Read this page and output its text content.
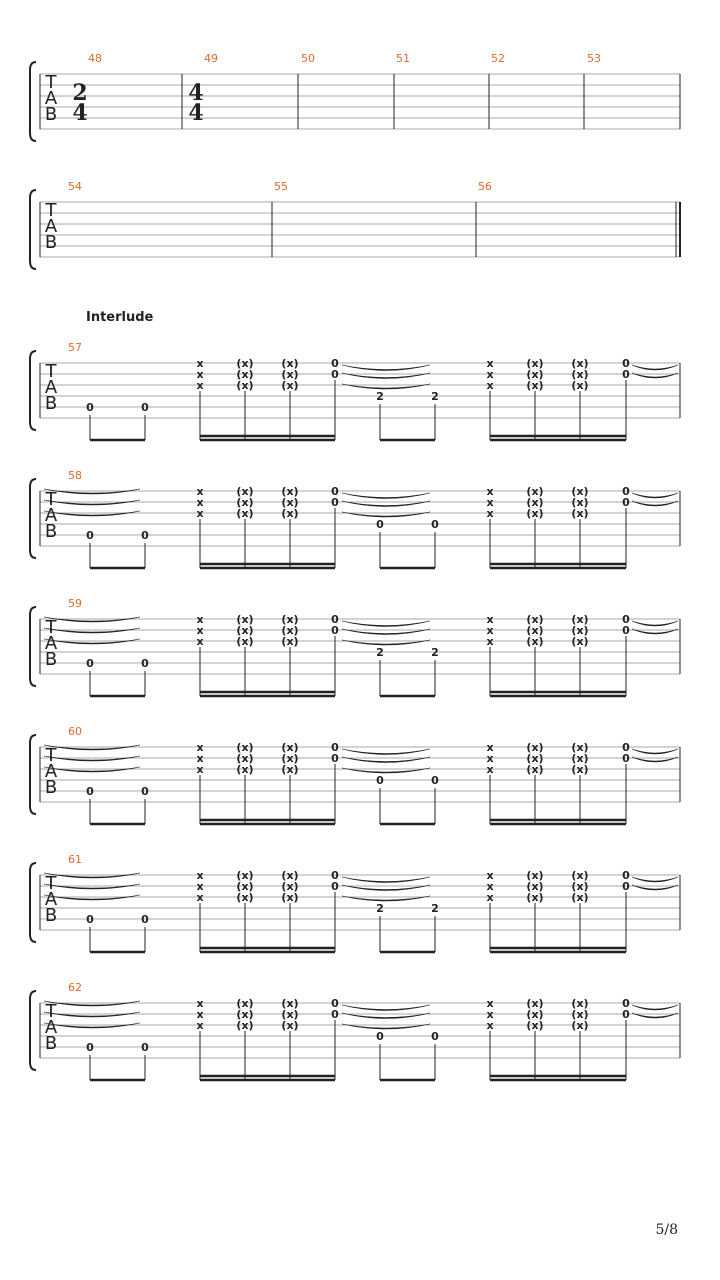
T
A
B
48
2
4
49
4
4
50	51	52	53
T
A
B
54	55	56
T
A
B
57
0	0
x
x
x
(x)
(x)
(x)
(x)
(x)
(x)
0
0
x
x
x
(x)
(x)
(x)
(x)
(x)
(x)
0
0
2	2
T
A
B
58
0	0
x
x
x
(x)
(x)
(x)
(x)
(x)
(x)
0
0
x
x
x
(x)
(x)
(x)
(x)
(x)
(x)
0
0
0	0
T
A
B
59
0	0
x
x
x
(x)
(x)
(x)
(x)
(x)
(x)
0
0
x
x
x
(x)
(x)
(x)
(x)
(x)
(x)
0
0
2	2
T
A
B
60
0	0
x
x
x
(x)
(x)
(x)
(x)
(x)
(x)
0
0
x
x
x
(x)
(x)
(x)
(x)
(x)
(x)
0
0
0	0
T
A
B
61
0	0
x
x
x
(x)
(x)
(x)
(x)
(x)
(x)
0
0
x
x
x
(x)
(x)
(x)
(x)
(x)
(x)
0
0
2	2
T
A
B
62
0	0
x
x
x
(x)
(x)
(x)
(x)
(x)
(x)
0
0
x
x
x
(x)
(x)
(x)
(x)
(x)
(x)
0
0
0	0
Interlude
5/8
